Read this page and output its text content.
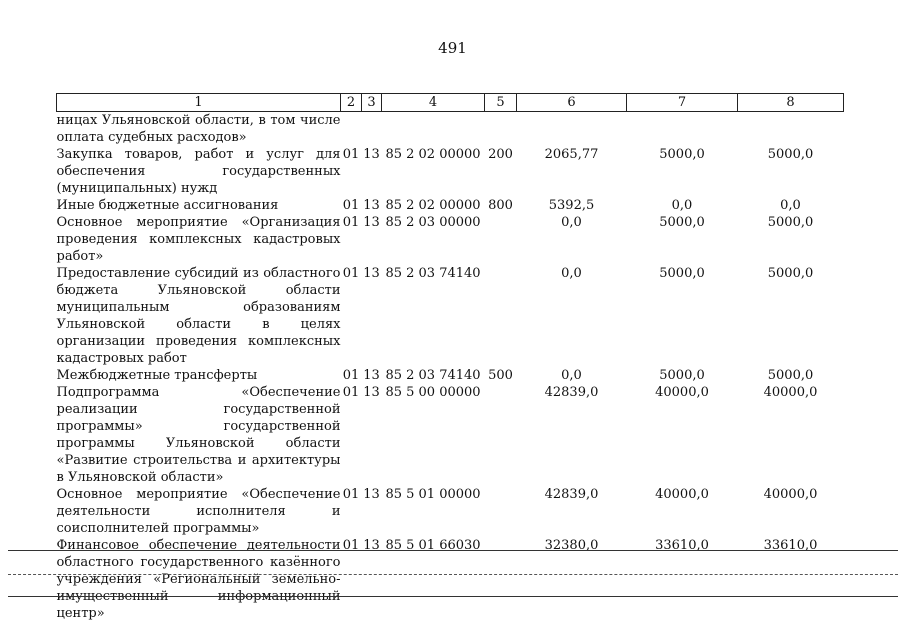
491
1	2	3	4	5	6	7	8
ницах Ульяновской области, в том числе оплата судебных расходов»							
Закупка товаров, работ и услуг для обеспечения государственных (муниципальных) нужд	01	13	85 2 02 00000	200	2065,77	5000,0	5000,0
Иные бюджетные ассигнования	01	13	85 2 02 00000	800	5392,5	0,0	0,0
Основное мероприятие «Организация проведения комплексных кадастровых работ»	01	13	85 2 03 00000		0,0	5000,0	5000,0
Предоставление субсидий из областного бюджета Ульяновской области муниципальным образованиям Ульяновской области в целях организации проведения комплексных кадастровых работ	01	13	85 2 03 74140		0,0	5000,0	5000,0
Межбюджетные трансферты	01	13	85 2 03 74140	500	0,0	5000,0	5000,0
Подпрограмма «Обеспечение реализации государственной программы» государственной программы Ульяновской области «Развитие строительства и архитектуры в Ульяновской области»	01	13	85 5 00 00000		42839,0	40000,0	40000,0
Основное мероприятие «Обеспечение деятельности исполнителя и соисполнителей программы»	01	13	85 5 01 00000		42839,0	40000,0	40000,0
Финансовое обеспечение деятельности областного государственного казённого учреждения «Региональный земельно-имущественный информационный центр»	01	13	85 5 01 66030		32380,0	33610,0	33610,0
